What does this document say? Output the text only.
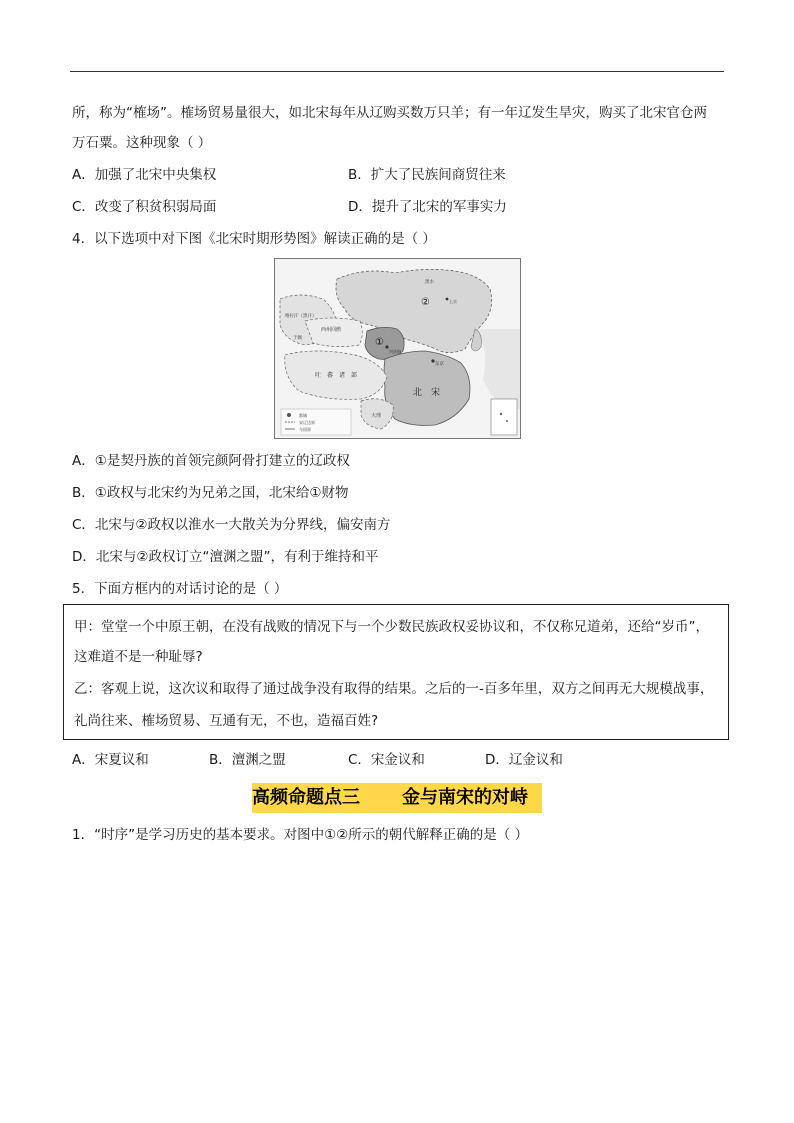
所，称为“榷场”。榷场贸易量很大，如北宋每年从辽购买数万只羊；有一年辽发生旱灾，购买了北宋官仓两
万石粟。这种现象（ ）
A．加强了北宋中央集权	B．扩大了民族间商贸往来
C．改变了积贫积弱局面	D．提升了北宋的军事实力
4．以下选项中对下图《北宋时期形势图》解读正确的是（ ）
①
②
北　宋
吐　蕃　诸　部
西州回鹘
喀拉汗（黑汗）
大理
兴庆府
东京
黑水
于阗
上京
都城
宋辽边界
今国界
A．①是契丹族的首领完颜阿骨打建立的辽政权
B．①政权与北宋约为兄弟之国，北宋给①财物
C．北宋与②政权以淮水一大散关为分界线，偏安南方
D．北宋与②政权订立“澶渊之盟”，有利于维持和平
5．下面方框内的对话讨论的是（ ）
甲：堂堂一个中原王朝，在没有战败的情况下与一个少数民族政权妥协议和，不仅称兄道弟，还给“岁币”，
这难道不是一种耻辱?
乙：客观上说，这次议和取得了通过战争没有取得的结果。之后的一-百多年里，双方之间再无大规模战事，
礼尚往来、榷场贸易、互通有无，不也，造福百姓?
A．宋夏议和	B．澶渊之盟	C．宋金议和	D．辽金议和
高频命题点三 金与南宋的对峙
1．“时序”是学习历史的基本要求。对图中①②所示的朝代解释正确的是（ ）
